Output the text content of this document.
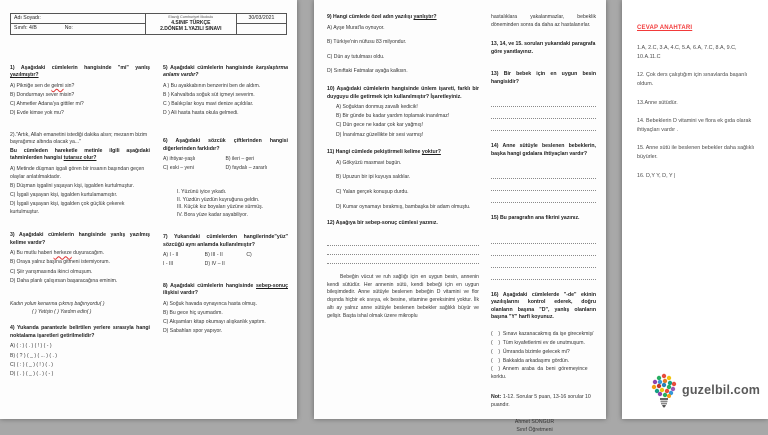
Adı Soyadı:	Elazığ Cumhuriyet İlkokulu
4.SINIF TÜRKÇE
2.DÖNEM 1.YAZILI SINAVI	30/03/2021
Sınıfı: 4/B No:		
1) Aşağıdaki cümlelerin hangisinde "mi" yanlış yazılmıştır?
A) Pikniğe sen de gelmi sin?
B) Dondurmayı sever misin?
C) Ahmetler Adana'ya gittiler mi?
D) Evde kimse yok mu?
2)."Artık, Allah emanetini istediği dakika alsın; mezarım bizim bayrağımız altında olacak ya..."
Bu cümleden hareketle metinle ilgili aşağıdaki tahminlerden hangisi tutarsız olur?
A) Metinde düşman işgali gören bir insanın başından geçen olaylar anlatılmaktadır.
B) Düşman işgalini yaşayan kişi, işgalden kurtulmuştur.
C) İşgali yaşayan kişi, işgalden kurtulamamıştır.
D) İşgali yaşayan kişi, işgalden çok güçlük çekerek kurtulmuştur.
3) Aşağıdaki cümlelerin hangisinde yanlış yazılmış kelime vardır?
A) Bu mutlu haberi herkeze duyuracağım.
B) Oraya yalnız başına gitmeni istemiyorum.
C) Şiir yarışmasında ikinci olmuşum.
D) Daha planlı çalışırsan başaracağına eminim.
Kadın yolun kenarına çıkmış bağırıyordu( )
( ) Yetişin ( ) Yardım edin( )
4) Yukarıda parantezle belirtilen yerlere sırasıyla hangi noktalama işaretleri getirilmelidir?
A) ( : ) ( . ) ( ! ) ( - )
B) ( ? ) ( _ ) ( ... ) ( . )
C) ( : ) ( _ ) ( ! ) ( . )
D) ( . ) ( _ ) ( . ) ( - )
5) Aşağıdaki cümlelerin hangisinde karşılaştırma anlamı vardır?
A ) Bu ayakkabının benzerini ben de aldım.
B ) Kahvaltıda soğuk süt içmeyi severim.
C ) Balıkçılar koyu mavi denize açıldılar.
D ) Ali hasta hasta okula gelmedi.
6) Aşağıdaki sözcük çiftlerinden hangisi diğerlerinden farklıdır?
A) ihtiyar-yaşlı	B) ileri – geri
C) eski – yeni	D) faydalı – zararlı
I. Yüzünü iyice yıkadı.
II. Yüzdün yüzdün kuyruğuna geldin.
III. Küçük kız boyaları yüzüne sürmüş.
IV. Bora yüze kadar sayabiliyor.
7) Yukarıdaki cümlelerden hangilerinde"yüz" sözcüğü aynı anlamda kullanılmıştır?
A) I - II	B) III - II	C)
I - III	D) IV – II
8) Aşağıdaki cümlelerin hangisinde sebep-sonuç ilişkisi vardır?
A) Soğuk havada oynayınca hasta olmuş.
B) Bu gece hiç uyumadım.
C) Akşamları kitap okumayı alışkanlık yaptım.
D) Sabahları spor yapıyor.
9) Hangi cümlede özel adın yazılışı yanlıştır?
A) Ayşe Murat'la oynuyor.
B) Türkiye'nin nüfusu 83 milyondur.
C) Dün ay tutulması oldu.
D) Sınıftaki Fatmalar ayağa kalksın.
10) Aşağıdaki cümlelerin hangisinde ünlem işareti, farklı bir duyguyu dile getirmek için kullanılmıştır? İşaretleyiniz.
A) Soğuktan donmuş zavallı kedicik!
B) Bir günde bu kadar yardım toplamak inanılmaz!
C) Dün gece ne kadar çok kar yağmış!
D) İnanılmaz güzellikte bir sesi varmış!
11) Hangi cümlede pekiştirmeli kelime yoktur?
A) Gökyüzü masmavi bugün.
B) Upuzun bir ipi kuyuya saldılar.
C) Yalan gerçek konuşup durdu.
D) Kumar oynamayı bırakmış, bambaşka bir adam olmuştu.
12) Aşağıya bir sebep-sonuç cümlesi yazınız.
Bebeğin vücut ve ruh sağlığı için en uygun besin, annenin kendi sütüdür. Her annenin sütü, kendi bebeği için en uygun bileşimdedir. Anne sütüyle beslenen bebeğin D vitamini ve flor dışında hiçbir ek sıvıya, ek besine, vitamine gereksinimi yoktur. İlk altı ay yalnız anne sütüyle beslenen bebekler sağlıklı büyür ve gelişir. Başta ishal olmak üzere mikroplu
hastalıklara yakalanmazlar, bebeklik döneminden sonra da daha az hastalanırlar.
13, 14, ve 15. soruları yukarıdaki paragrafa göre yanıtlayınız.
13) Bir bebek için en uygun besin hangisidir?
14) Anne sütüyle beslenen bebeklerin, başka hangi gıdalara ihtiyaçları vardır?
15) Bu paragrafın ana fikrini yazınız.
16) Aşağıdaki cümlelerde "-de" ekinin yazılışlarını kontrol ederek, doğru olanların başına "D", yanlış olanların başına "Y" harfi koyunuz.
(    )  Sınavı kazanacakmış da işe girecekmiş/
(    )  Tüm kıyafetlerimi ev de unutmuşum.
(    )  Ümranda bizimle gelecek mi?
(    )  Bakkalda arkadaşımı gördün.
(    )  Annem  araba  da  beni  göremeyince korktu.
Not: 1-12. Sorular 5 puan, 13-16 sorular 10 puandır.
Ahmet SONGUR
Sınıf Öğretmeni
CEVAP ANAHTARI
1.A, 2.C, 3.A, 4.C, 5.A, 6.A, 7.C, 8.A, 9.C, 10.A.11.C
12. Çok ders çalıştığım için sınavlarda başarılı oldum.
13.Anne sütüdür.
14. Bebeklerin D vitamini ve flora ek gıda olarak ihtiyaçları vardır .
15. Anne sütü ile beslenen bebekler daha sağlıklı büyürler.
16. D,Y Y, D, Y |
guzelbil.com
